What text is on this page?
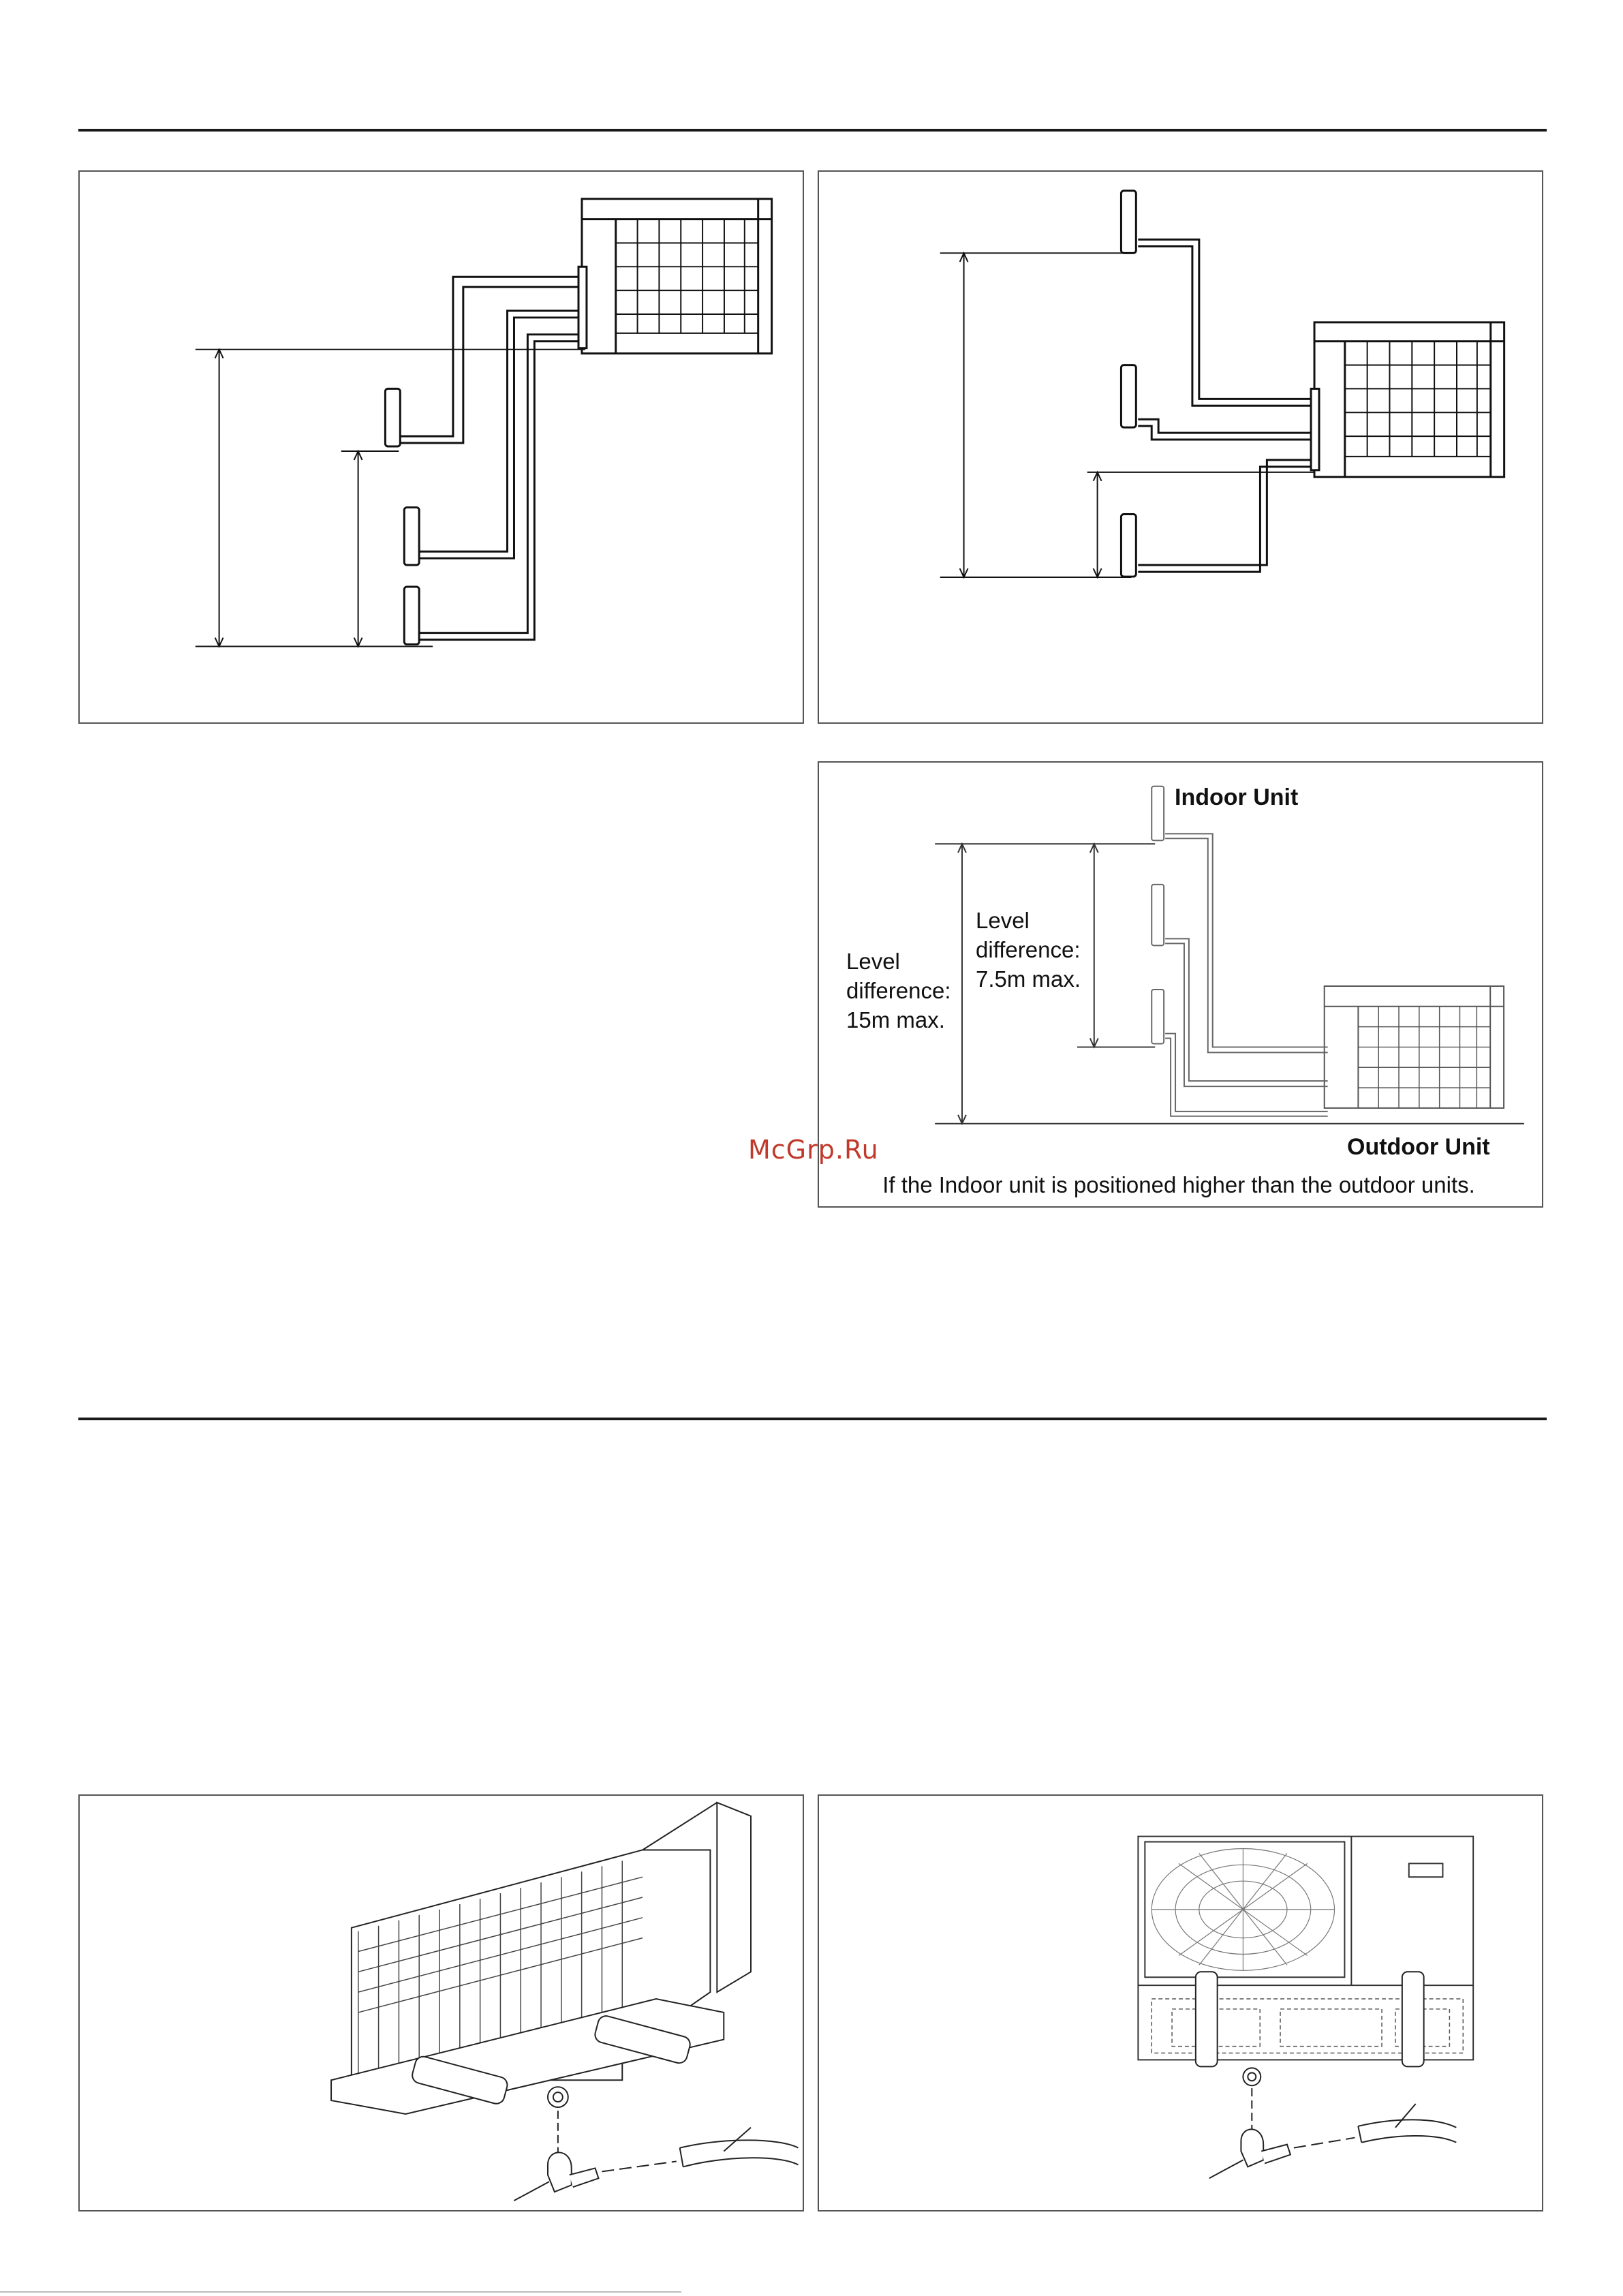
Indoor Unit
Level
difference:
7.5m max.
Level
difference:
15m max.
Outdoor Unit
If the Indoor unit is positioned higher than the outdoor units.
McGrp.Ru
